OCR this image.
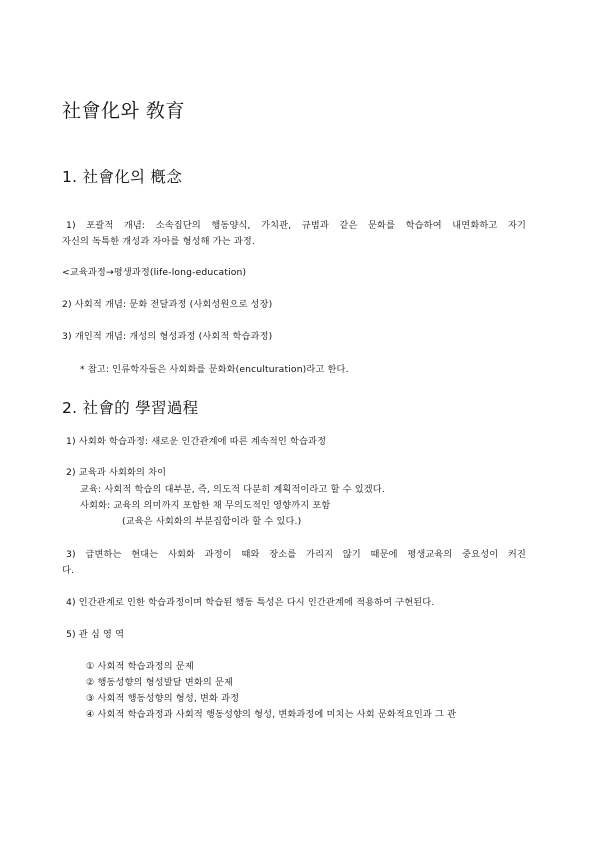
社會化와 敎育
1. 社會化의 槪念
1) 포괄적 개념: 소속집단의 행동양식, 가치관, 규범과 같은 문화를 학습하여 내면화하고 자기
자신의 독특한 개성과 자아를 형성해 가는 과정.
<교육과정→평생과정(life-long-education)
2) 사회적 개념: 문화 전달과정 (사회성원으로 성장)
3) 개인적 개념: 개성의 형성과정 (사회적 학습과정)
* 참고: 인류학자들은 사회화를 문화화(enculturation)라고 한다.
2. 社會的 學習過程
1) 사회화 학습과정: 새로운 인간관계에 따른 계속적인 학습과정
2) 교육과 사회화의 차이
교육: 사회적 학습의 대부분, 즉, 의도적 다분히 계획적이라고 할 수 있겠다.
사회화: 교육의 의미까지 포함한 채 무의도적인 영향까지 포함
(교육은 사회화의 부분집합이라 할 수 있다.)
3) 급변하는 현대는 사회화 과정이 때와 장소를 가리지 않기 때문에 평생교육의 중요성이 커진
다.
4) 인간관계로 인한 학습과정이며 학습된 행동 특성은 다시 인간관계에 적용하여 구현된다.
5) 관 심 영 역
① 사회적 학습과정의 문제
② 행동성향의 형성발달 변화의 문제
③ 사회적 행동성향의 형성, 변화 과정
④ 사회적 학습과정과 사회적 행동성향의 형성, 변화과정에 미치는 사회 문화적요인과 그 관
